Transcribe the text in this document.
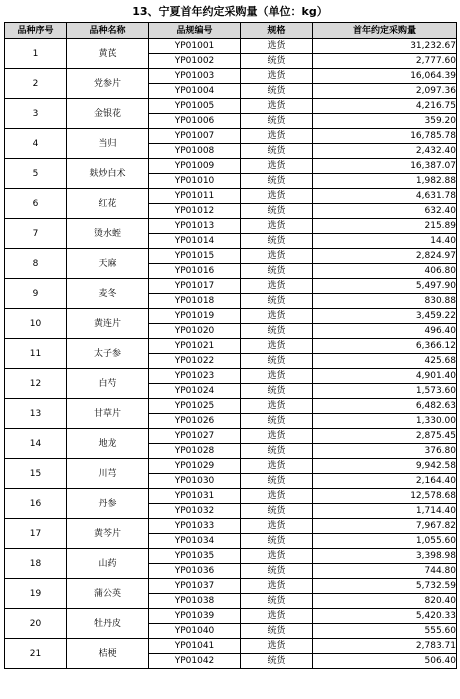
13、宁夏首年约定采购量（单位：kg）
品种序号	品种名称	品规编号	规格	首年约定采购量
1	黄芪	YP01001	选货	31,232.67
		YP01002	统货	2,777.60
2	党参片	YP01003	选货	16,064.39
		YP01004	统货	2,097.36
3	金银花	YP01005	选货	4,216.75
		YP01006	统货	359.20
4	当归	YP01007	选货	16,785.78
		YP01008	统货	2,432.40
5	麸炒白术	YP01009	选货	16,387.07
		YP01010	统货	1,982.88
6	红花	YP01011	选货	4,631.78
		YP01012	统货	632.40
7	烫水蛭	YP01013	选货	215.89
		YP01014	统货	14.40
8	天麻	YP01015	选货	2,824.97
		YP01016	统货	406.80
9	麦冬	YP01017	选货	5,497.90
		YP01018	统货	830.88
10	黄连片	YP01019	选货	3,459.22
		YP01020	统货	496.40
11	太子参	YP01021	选货	6,366.12
		YP01022	统货	425.68
12	白芍	YP01023	选货	4,901.40
		YP01024	统货	1,573.60
13	甘草片	YP01025	选货	6,482.63
		YP01026	统货	1,330.00
14	地龙	YP01027	选货	2,875.45
		YP01028	统货	376.80
15	川芎	YP01029	选货	9,942.58
		YP01030	统货	2,164.40
16	丹参	YP01031	选货	12,578.68
		YP01032	统货	1,714.40
17	黄芩片	YP01033	选货	7,967.82
		YP01034	统货	1,055.60
18	山药	YP01035	选货	3,398.98
		YP01036	统货	744.80
19	蒲公英	YP01037	选货	5,732.59
		YP01038	统货	820.40
20	牡丹皮	YP01039	选货	5,420.33
		YP01040	统货	555.60
21	桔梗	YP01041	选货	2,783.71
		YP01042	统货	506.40
